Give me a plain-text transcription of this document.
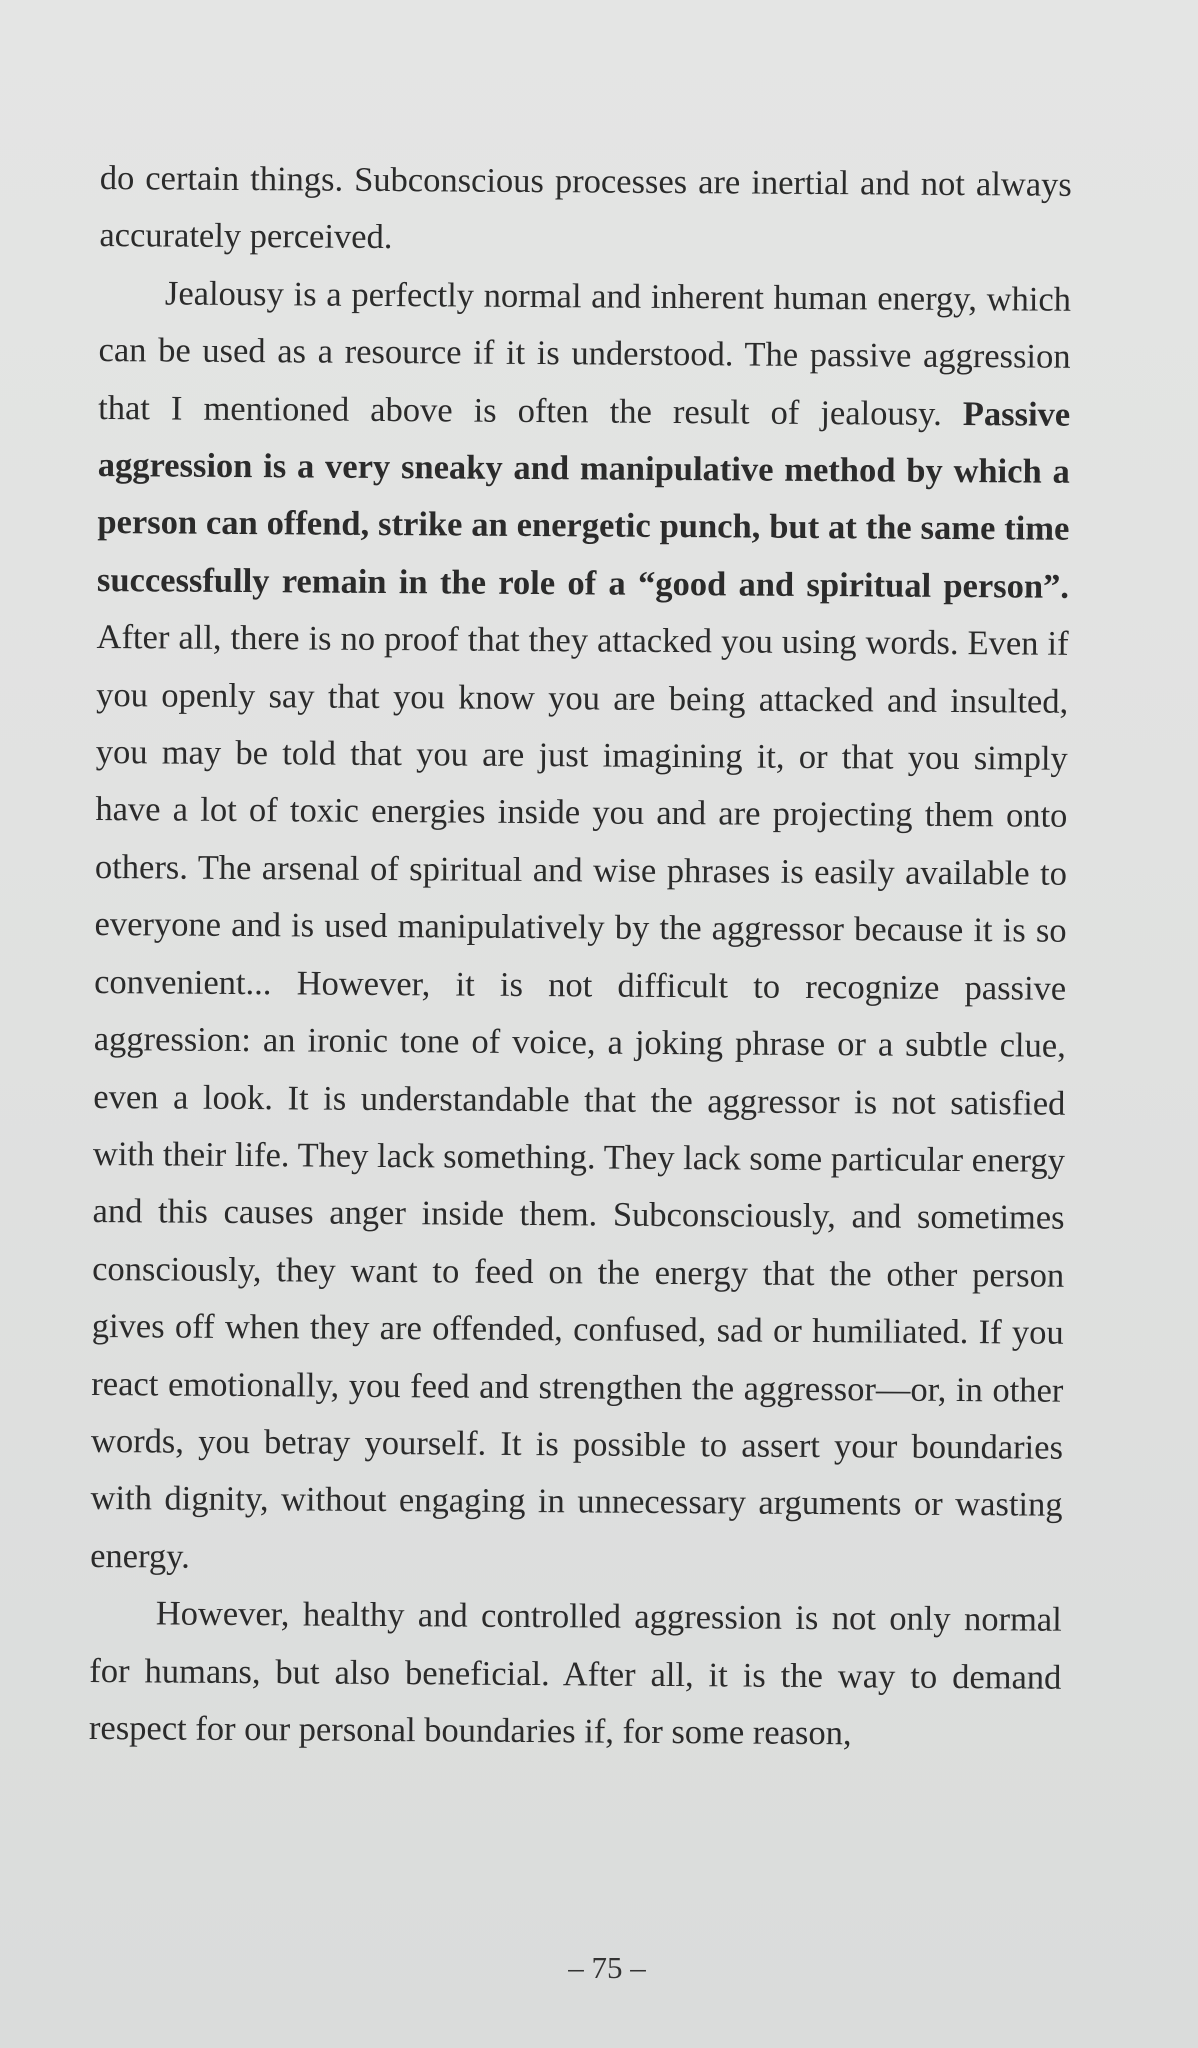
do certain things. Subconscious processes are inertial and not always accurately perceived.

Jealousy is a perfectly normal and inherent human energy, which can be used as a resource if it is understood. The passive aggression that I mentioned above is often the result of jealousy. Passive aggression is a very sneaky and manipulative method by which a person can offend, strike an energetic punch, but at the same time successfully remain in the role of a “good and spiritual person”. After all, there is no proof that they attacked you using words. Even if you openly say that you know you are being attacked and insulted, you may be told that you are just imagining it, or that you simply have a lot of toxic energies inside you and are projecting them onto others. The arsenal of spiritual and wise phrases is easily available to everyone and is used manipulatively by the aggressor because it is so convenient... However, it is not difficult to recognize passive aggression: an ironic tone of voice, a joking phrase or a subtle clue, even a look. It is understandable that the aggressor is not satisfied with their life. They lack something. They lack some particular energy and this causes anger inside them. Subconsciously, and sometimes consciously, they want to feed on the energy that the other person gives off when they are offended, confused, sad or humiliated. If you react emotionally, you feed and strengthen the aggressor—or, in other words, you betray yourself. It is possible to assert your boundaries with dignity, without engaging in unnecessary arguments or wasting energy.

However, healthy and controlled aggression is not only normal for humans, but also beneficial. After all, it is the way to demand respect for our personal boundaries if, for some reason,

– 75 –
